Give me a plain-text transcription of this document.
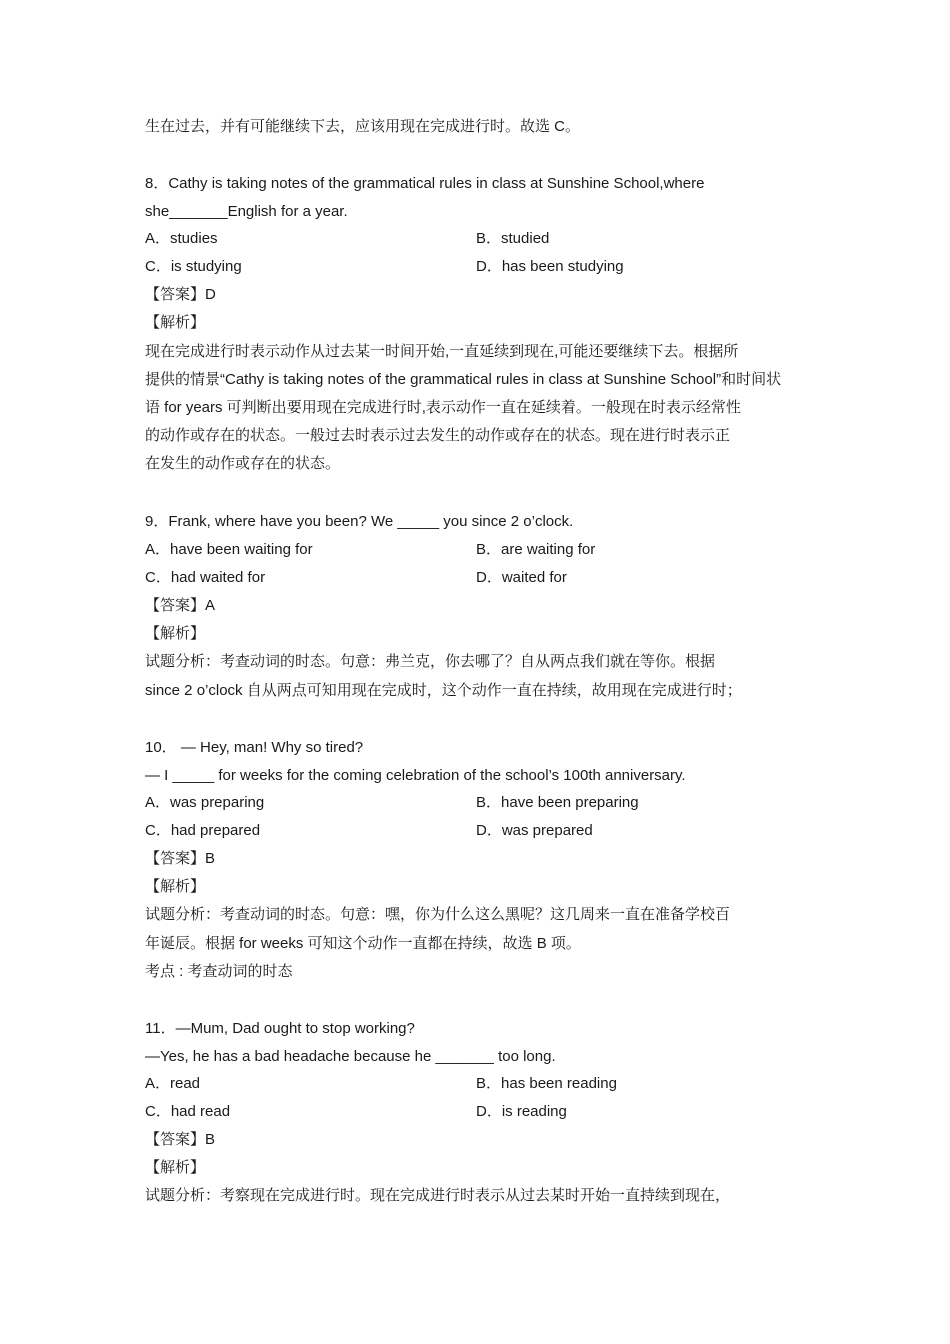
生在过去，并有可能继续下去，应该用现在完成进行时。故选 C。
8．Cathy is taking notes of the grammatical rules in class at Sunshine School,where
she_______English for a year.
A．studies	B．studied
C．is studying	D．has been studying
【答案】D
【解析】
现在完成进行时表示动作从过去某一时间开始,一直延续到现在,可能还要继续下去。根据所
提供的情景“Cathy is taking notes of the grammatical rules in class at Sunshine School”和时间状
语 for years 可判断出要用现在完成进行时,表示动作一直在延续着。一般现在时表示经常性
的动作或存在的状态。一般过去时表示过去发生的动作或存在的状态。现在进行时表示正
在发生的动作或存在的状态。
9．Frank, where have you been? We _____ you since 2 o’clock.
A．have been waiting for	B．are waiting for
C．had waited for	D．waited for
【答案】A
【解析】
试题分析：考查动词的时态。句意：弗兰克，你去哪了？自从两点我们就在等你。根据
since 2 o’clock 自从两点可知用现在完成时，这个动作一直在持续，故用现在完成进行时；
10． — Hey, man! Why so tired?
— I _____ for weeks for the coming celebration of the school’s 100th anniversary.
A．was preparing	B．have been preparing
C．had prepared	D．was prepared
【答案】B
【解析】
试题分析：考查动词的时态。句意：嘿，你为什么这么黑呢？这几周来一直在准备学校百
年诞辰。根据 for weeks 可知这个动作一直都在持续，故选 B 项。
考点 : 考查动词的时态
11．—Mum, Dad ought to stop working?
—Yes, he has a bad headache because he _______ too long.
A．read	B．has been reading
C．had read	D．is reading
【答案】B
【解析】
试题分析：考察现在完成进行时。现在完成进行时表示从过去某时开始一直持续到现在，
